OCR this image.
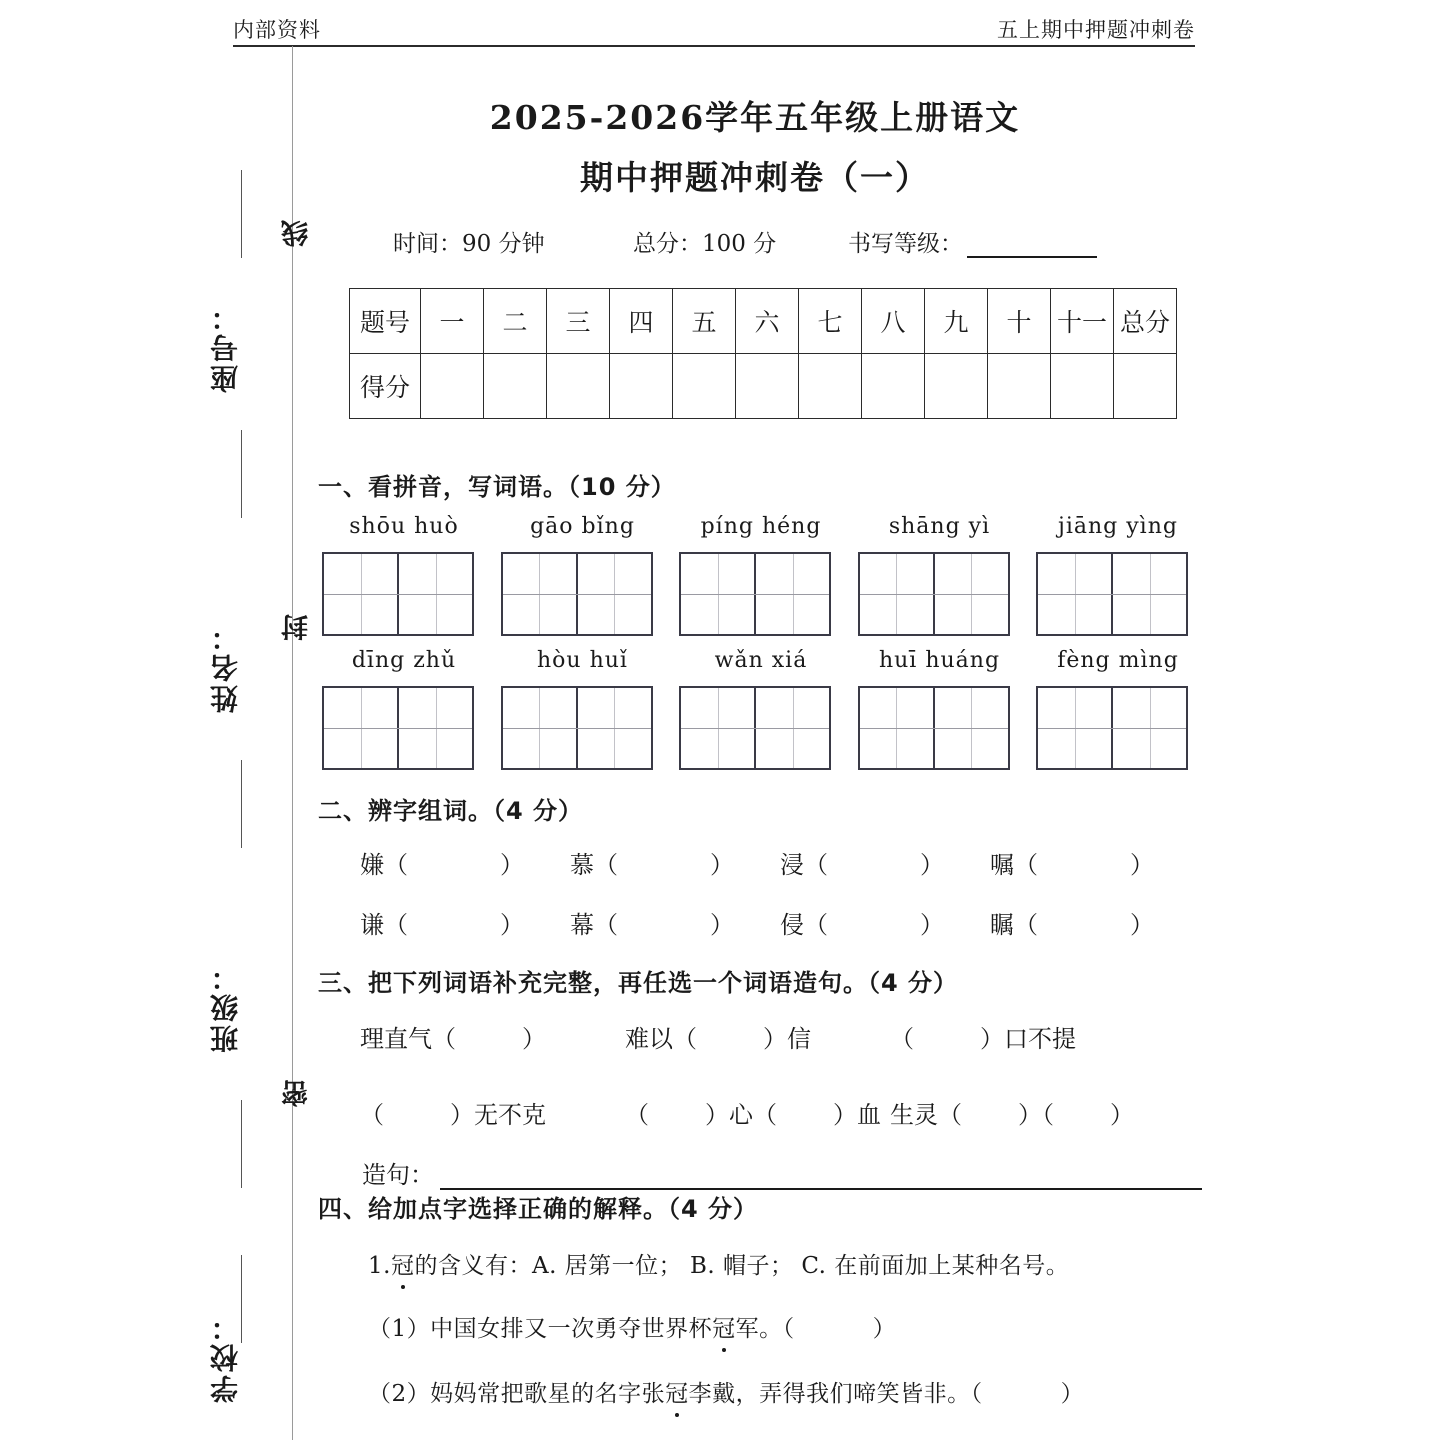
内部资料	五上期中押题冲刺卷
线
封
密
座号：
姓名：
班级：
学校：
2025-2026学年五年级上册语文
期中押题冲刺卷（一）
时间：90 分钟	总分：100 分	书写等级：
题号	一	二	三	四	五	六	七	八	九	十	十一	总分
得分												
一、看拼音，写词语。（10 分）
shōu huò	gāo bǐng	píng héng	shāng yì	jiāng yìng
dīng zhǔ	hòu huǐ	wǎn xiá	huī huáng	fèng mìng
二、辨字组词。（4 分）
嫌（	）	慕（	）	浸（	）	嘱（	）
谦（	）	幕（	）	侵（	）	瞩（	）
三、把下列词语补充完整，再任选一个词语造句。（4 分）
理直气（	）	难以（	）信	（	）口不提
（	）无不克	（ ）心（ ）血 生灵（ ）（ ）
造句：
四、给加点字选择正确的解释。（4 分）
1.冠的含义有：A. 居第一位； B. 帽子； C. 在前面加上某种名号。
（1）中国女排又一次勇夺世界杯冠军。（	）
（2）妈妈常把歌星的名字张冠李戴，弄得我们啼笑皆非。（	）
